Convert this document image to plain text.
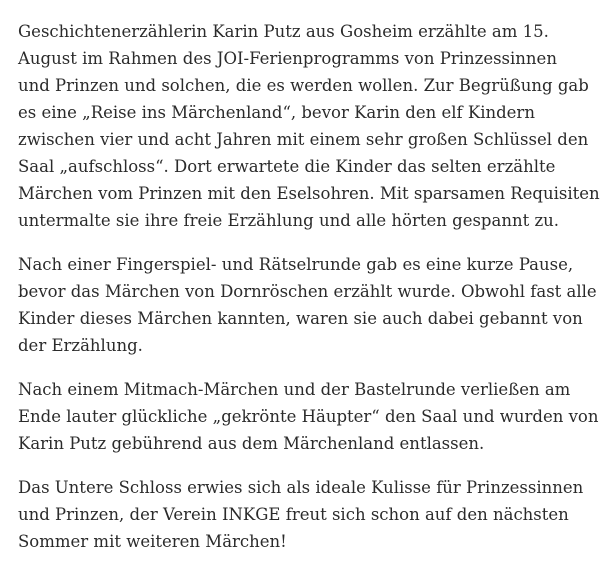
Geschichtenerzählerin Karin Putz aus Gosheim erzählte am 15.
August im Rahmen des JOI-Ferienprogramms von Prinzessinnen
und Prinzen und solchen, die es werden wollen. Zur Begrüßung gab
es eine „Reise ins Märchenland“, bevor Karin den elf Kindern
zwischen vier und acht Jahren mit einem sehr großen Schlüssel den
Saal „aufschloss“. Dort erwartete die Kinder das selten erzählte
Märchen vom Prinzen mit den Eselsohren. Mit sparsamen Requisiten
untermalte sie ihre freie Erzählung und alle hörten gespannt zu.

Nach einer Fingerspiel- und Rätselrunde gab es eine kurze Pause,
bevor das Märchen von Dornröschen erzählt wurde. Obwohl fast alle
Kinder dieses Märchen kannten, waren sie auch dabei gebannt von
der Erzählung.

Nach einem Mitmach-Märchen und der Bastelrunde verließen am
Ende lauter glückliche „gekrönte Häupter“ den Saal und wurden von
Karin Putz gebührend aus dem Märchenland entlassen.

Das Untere Schloss erwies sich als ideale Kulisse für Prinzessinnen
und Prinzen, der Verein INKGE freut sich schon auf den nächsten
Sommer mit weiteren Märchen!
